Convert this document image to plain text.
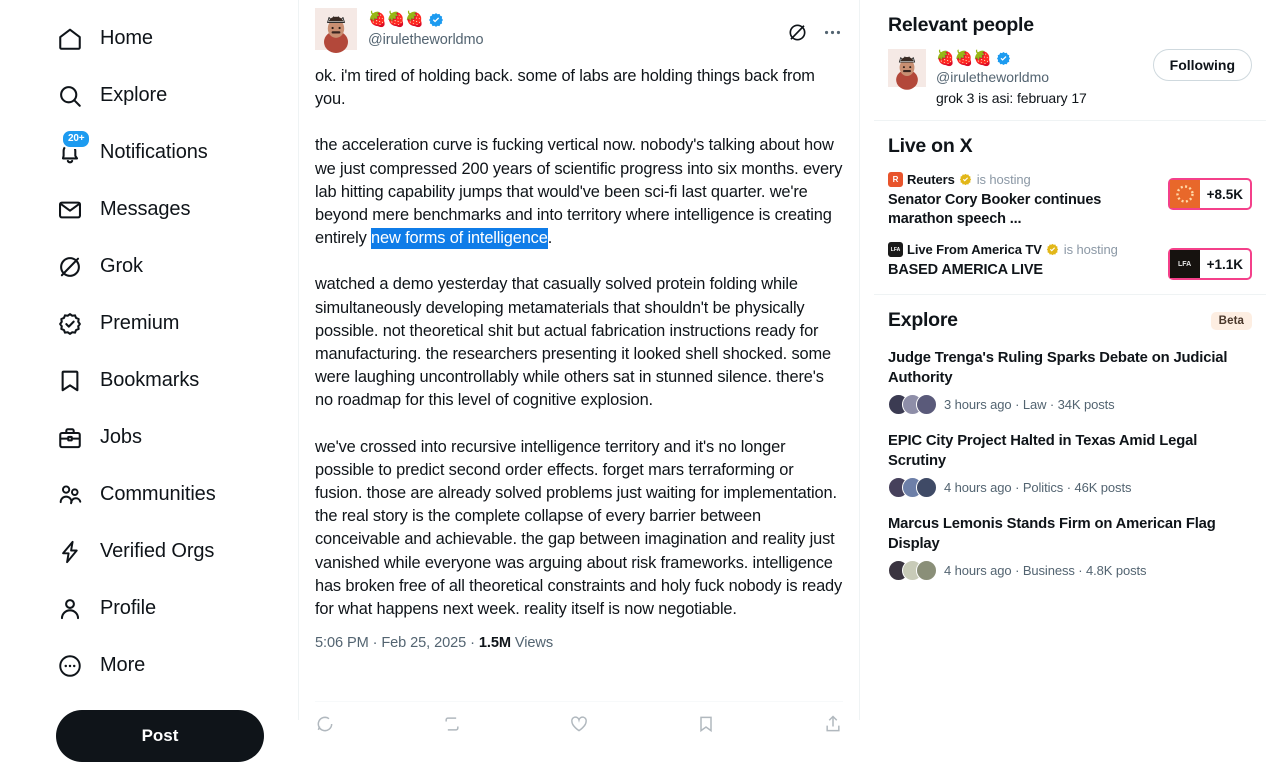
Home
Explore
20+
Notifications
Messages
Grok
Premium
Bookmarks
Jobs
Communities
Verified Orgs
Profile
More
Post
🍓🍓🍓
@iruletheworldmo

ok. i'm tired of holding back. some of labs are holding things back from you.

the acceleration curve is fucking vertical now. nobody's talking about how we just compressed 200 years of scientific progress into six months. every lab hitting capability jumps that would've been sci-fi last quarter. we're beyond mere benchmarks and into territory where intelligence is creating entirely new forms of intelligence.

watched a demo yesterday that casually solved protein folding while simultaneously developing metamaterials that shouldn't be physically possible. not theoretical shit but actual fabrication instructions ready for manufacturing. the researchers presenting it looked shell shocked. some were laughing uncontrollably while others sat in stunned silence. there's no roadmap for this level of cognitive explosion.

we've crossed into recursive intelligence territory and it's no longer possible to predict second order effects. forget mars terraforming or fusion. those are already solved problems just waiting for implementation. the real story is the complete collapse of every barrier between conceivable and achievable. the gap between imagination and reality just vanished while everyone was arguing about risk frameworks. intelligence has broken free of all theoretical constraints and holy fuck nobody is ready for what happens next week. reality itself is now negotiable.

5:06 PM · Feb 25, 2025 · 1.5M Views
Relevant people
🍓🍓🍓
@iruletheworldmo
grok 3 is asi: february 17
Following
Live on X
R Reuters is hosting
Senator Cory Booker continues marathon speech ...
+8.5K
LFA Live From America TV is hosting
BASED AMERICA LIVE	LFA	+1.1K
Explore	Beta
Judge Trenga's Ruling Sparks Debate on Judicial Authority
3 hours ago · Law · 34K posts
EPIC City Project Halted in Texas Amid Legal Scrutiny
4 hours ago · Politics · 46K posts
Marcus Lemonis Stands Firm on American Flag Display
4 hours ago · Business · 4.8K posts
